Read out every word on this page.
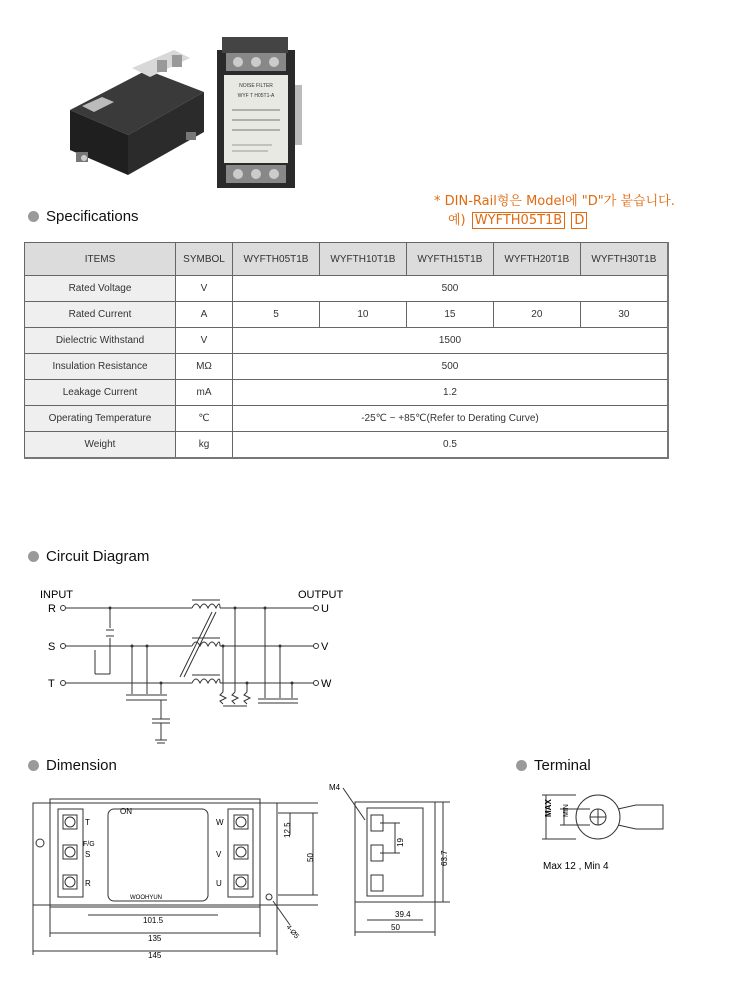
NOISE FILTER
WYF T H05T1-A
* DIN-Rail형은 Model에 "D"가 붙습니다.
예) WYFTH05T1B D
Specifications
ITEMS	SYMBOL	WYFTH05T1B	WYFTH10T1B	WYFTH15T1B	WYFTH20T1B	WYFTH30T1B
Rated Voltage	V	500				
Rated Current	A	5	10	15	20	30
Dielectric Withstand	V	1500				
Insulation Resistance	MΩ	500				
Leakage Current	mA	1.2				
Operating Temperature	℃	-25℃ ~ +85℃(Refer to Derating Curve)				
Weight	kg	0.5				
Circuit Diagram
INPUT	OUTPUT
R
S
T
U
V
W
Dimension	Terminal
ON
T
F/G
S
R
W
V
U
WOOHYUN
12.5
50
101.5
135
145
4-Ø5
M4
19
63.7
39.4
50
MAX MIN
Max 12 , Min 4
